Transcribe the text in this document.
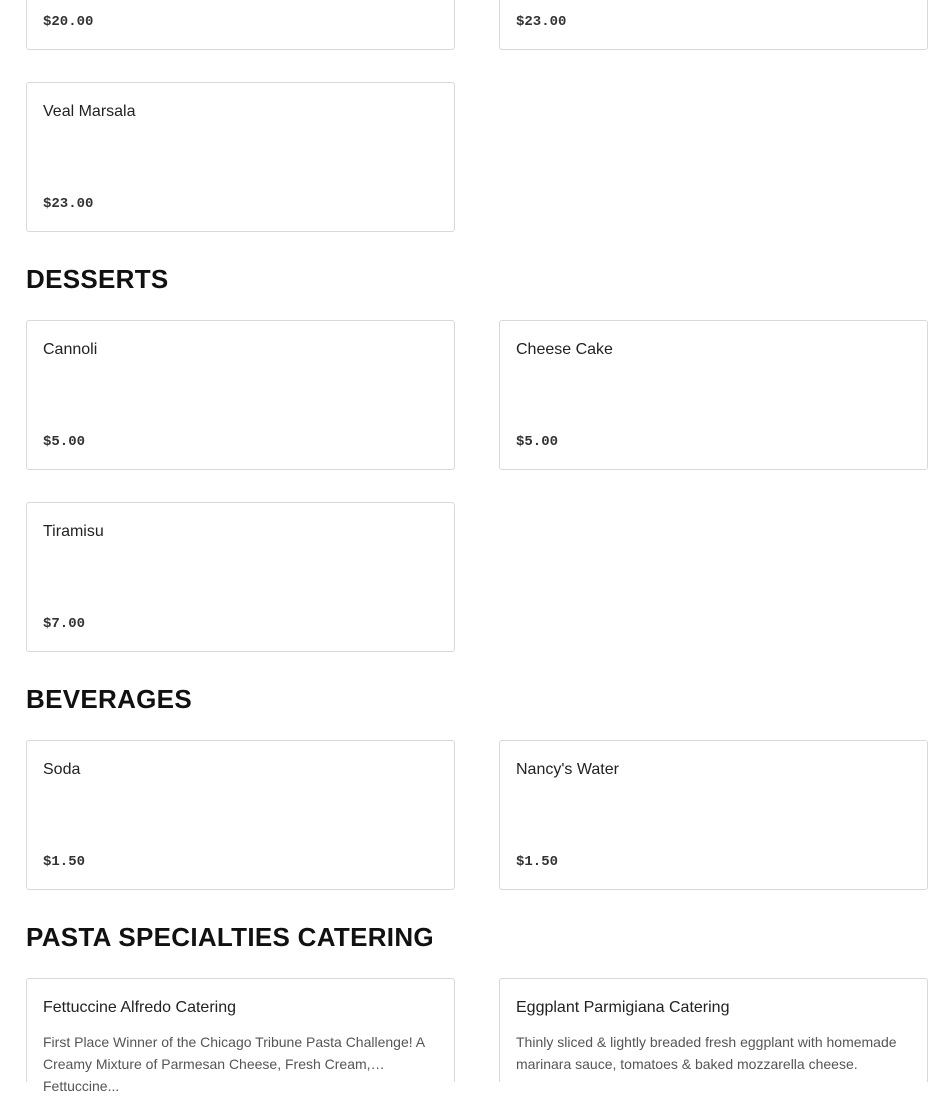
$20.00	$23.00
Veal Marsala
$23.00
DESSERTS
Cannoli
$5.00
Cheese Cake
$5.00
Tiramisu
$7.00
BEVERAGES
Soda
$1.50
Nancy's Water
$1.50
PASTA SPECIALTIES CATERING
Fettuccine Alfredo Catering
First Place Winner of the Chicago Tribune Pasta Challenge! A Creamy Mixture of Parmesan Cheese, Fresh Cream, Fettuccine...
Eggplant Parmigiana Catering
Thinly sliced & lightly breaded fresh eggplant with homemade marinara sauce, tomatoes & baked mozzarella cheese.
